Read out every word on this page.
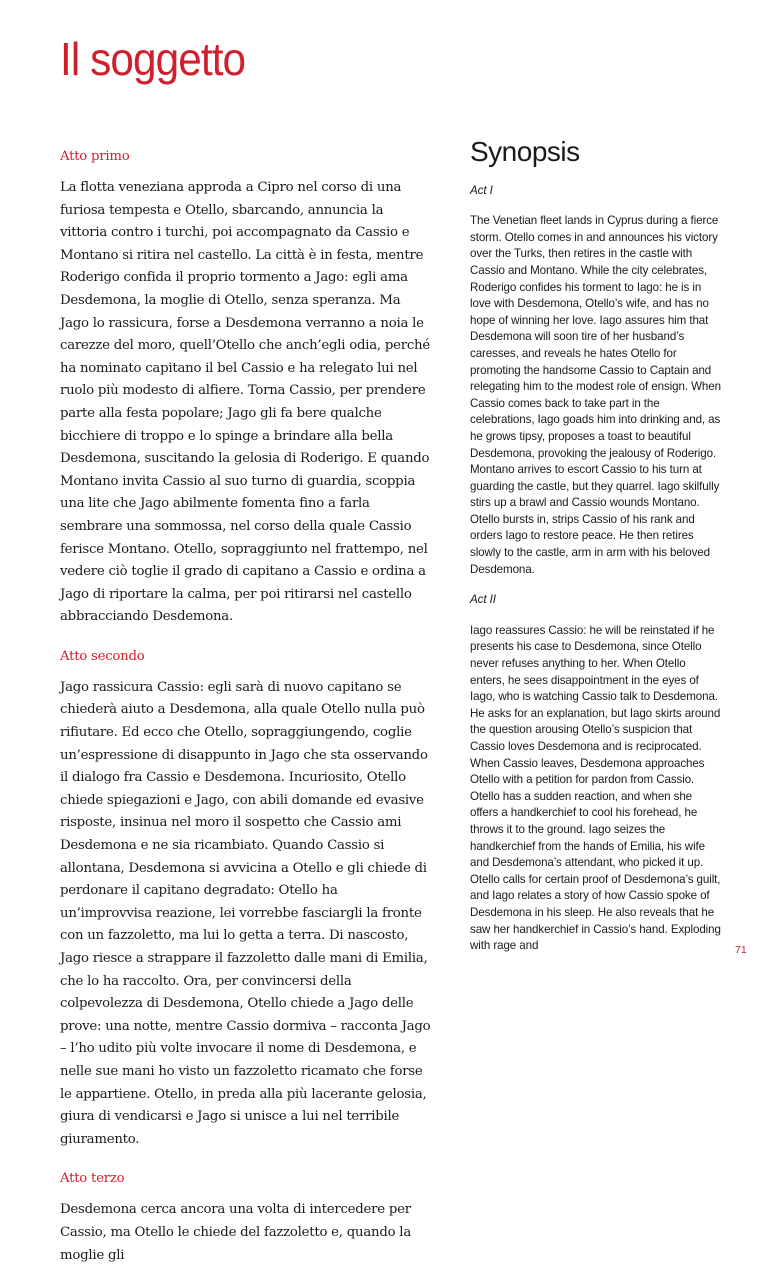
Il soggetto
Atto primo

La flotta veneziana approda a Cipro nel corso di una furiosa tempesta e Otello, sbarcando, annuncia la vittoria contro i turchi, poi accompagnato da Cassio e Montano si ritira nel castello. La città è in festa, mentre Roderigo confida il proprio tormento a Jago: egli ama Desdemona, la moglie di Otello, senza speranza. Ma Jago lo rassicura, forse a Desdemona verranno a noia le carezze del moro, quell’Otello che anch’egli odia, perché ha nominato capitano il bel Cassio e ha relegato lui nel ruolo più modesto di alfiere. Torna Cassio, per prendere parte alla festa popolare; Jago gli fa bere qualche bicchiere di troppo e lo spinge a brindare alla bella Desdemona, suscitando la gelosia di Roderigo. E quando Montano invita Cassio al suo turno di guardia, scoppia una lite che Jago abilmente fomenta fino a farla sembrare una sommossa, nel corso della quale Cassio ferisce Montano. Otello, sopraggiunto nel frattempo, nel vedere ciò toglie il grado di capitano a Cassio e ordina a Jago di riportare la calma, per poi ritirarsi nel castello abbracciando Desdemona.

Atto secondo

Jago rassicura Cassio: egli sarà di nuovo capitano se chiederà aiuto a Desdemona, alla quale Otello nulla può rifiutare. Ed ecco che Otello, sopraggiungendo, coglie un’espressione di disappunto in Jago che sta osservando il dialogo fra Cassio e Desdemona. Incuriosito, Otello chiede spiegazioni e Jago, con abili domande ed evasive risposte, insinua nel moro il sospetto che Cassio ami Desdemona e ne sia ricambiato. Quando Cassio si allontana, Desdemona si avvicina a Otello e gli chiede di perdonare il capitano degradato: Otello ha un’improvvisa reazione, lei vorrebbe fasciargli la fronte con un fazzoletto, ma lui lo getta a terra. Di nascosto, Jago riesce a strappare il fazzoletto dalle mani di Emilia, che lo ha raccolto. Ora, per convincersi della colpevolezza di Desdemona, Otello chiede a Jago delle prove: una notte, mentre Cassio dormiva – racconta Jago – l’ho udito più volte invocare il nome di Desdemona, e nelle sue mani ho visto un fazzoletto ricamato che forse le appartiene. Otello, in preda alla più lacerante gelosia, giura di vendicarsi e Jago si unisce a lui nel terribile giuramento.

Atto terzo

Desdemona cerca ancora una volta di intercedere per Cassio, ma Otello le chiede del fazzoletto e, quando la moglie gli

Synopsis
Act I

The Venetian fleet lands in Cyprus during a fierce storm. Otello comes in and announces his victory over the Turks, then retires in the castle with Cassio and Montano. While the city celebrates, Roderigo confides his torment to Iago: he is in love with Desdemona, Otello’s wife, and has no hope of winning her love. Iago assures him that Desdemona will soon tire of her husband’s caresses, and reveals he hates Otello for promoting the handsome Cassio to Captain and relegating him to the modest role of ensign. When Cassio comes back to take part in the celebrations, Iago goads him into drinking and, as he grows tipsy, proposes a toast to beautiful Desdemona, provoking the jealousy of Roderigo. Montano arrives to escort Cassio to his turn at guarding the castle, but they quarrel. Iago skilfully stirs up a brawl and Cassio wounds Montano. Otello bursts in, strips Cassio of his rank and orders Iago to restore peace. He then retires slowly to the castle, arm in arm with his beloved Desdemona.

Act II

Iago reassures Cassio: he will be reinstated if he presents his case to Desdemona, since Otello never refuses anything to her. When Otello enters, he sees disappointment in the eyes of Iago, who is watching Cassio talk to Desdemona. He asks for an explanation, but Iago skirts around the question arousing Otello’s suspicion that Cassio loves Desdemona and is reciprocated. When Cassio leaves, Desdemona approaches Otello with a petition for pardon from Cassio. Otello has a sudden reaction, and when she offers a handkerchief to cool his forehead, he throws it to the ground. Iago seizes the handkerchief from the hands of Emilia, his wife and Desdemona’s attendant, who picked it up. Otello calls for certain proof of Desdemona’s guilt, and Iago relates a story of how Cassio spoke of Desdemona in his sleep. He also reveals that he saw her handkerchief in Cassio’s hand. Exploding with rage and	71
